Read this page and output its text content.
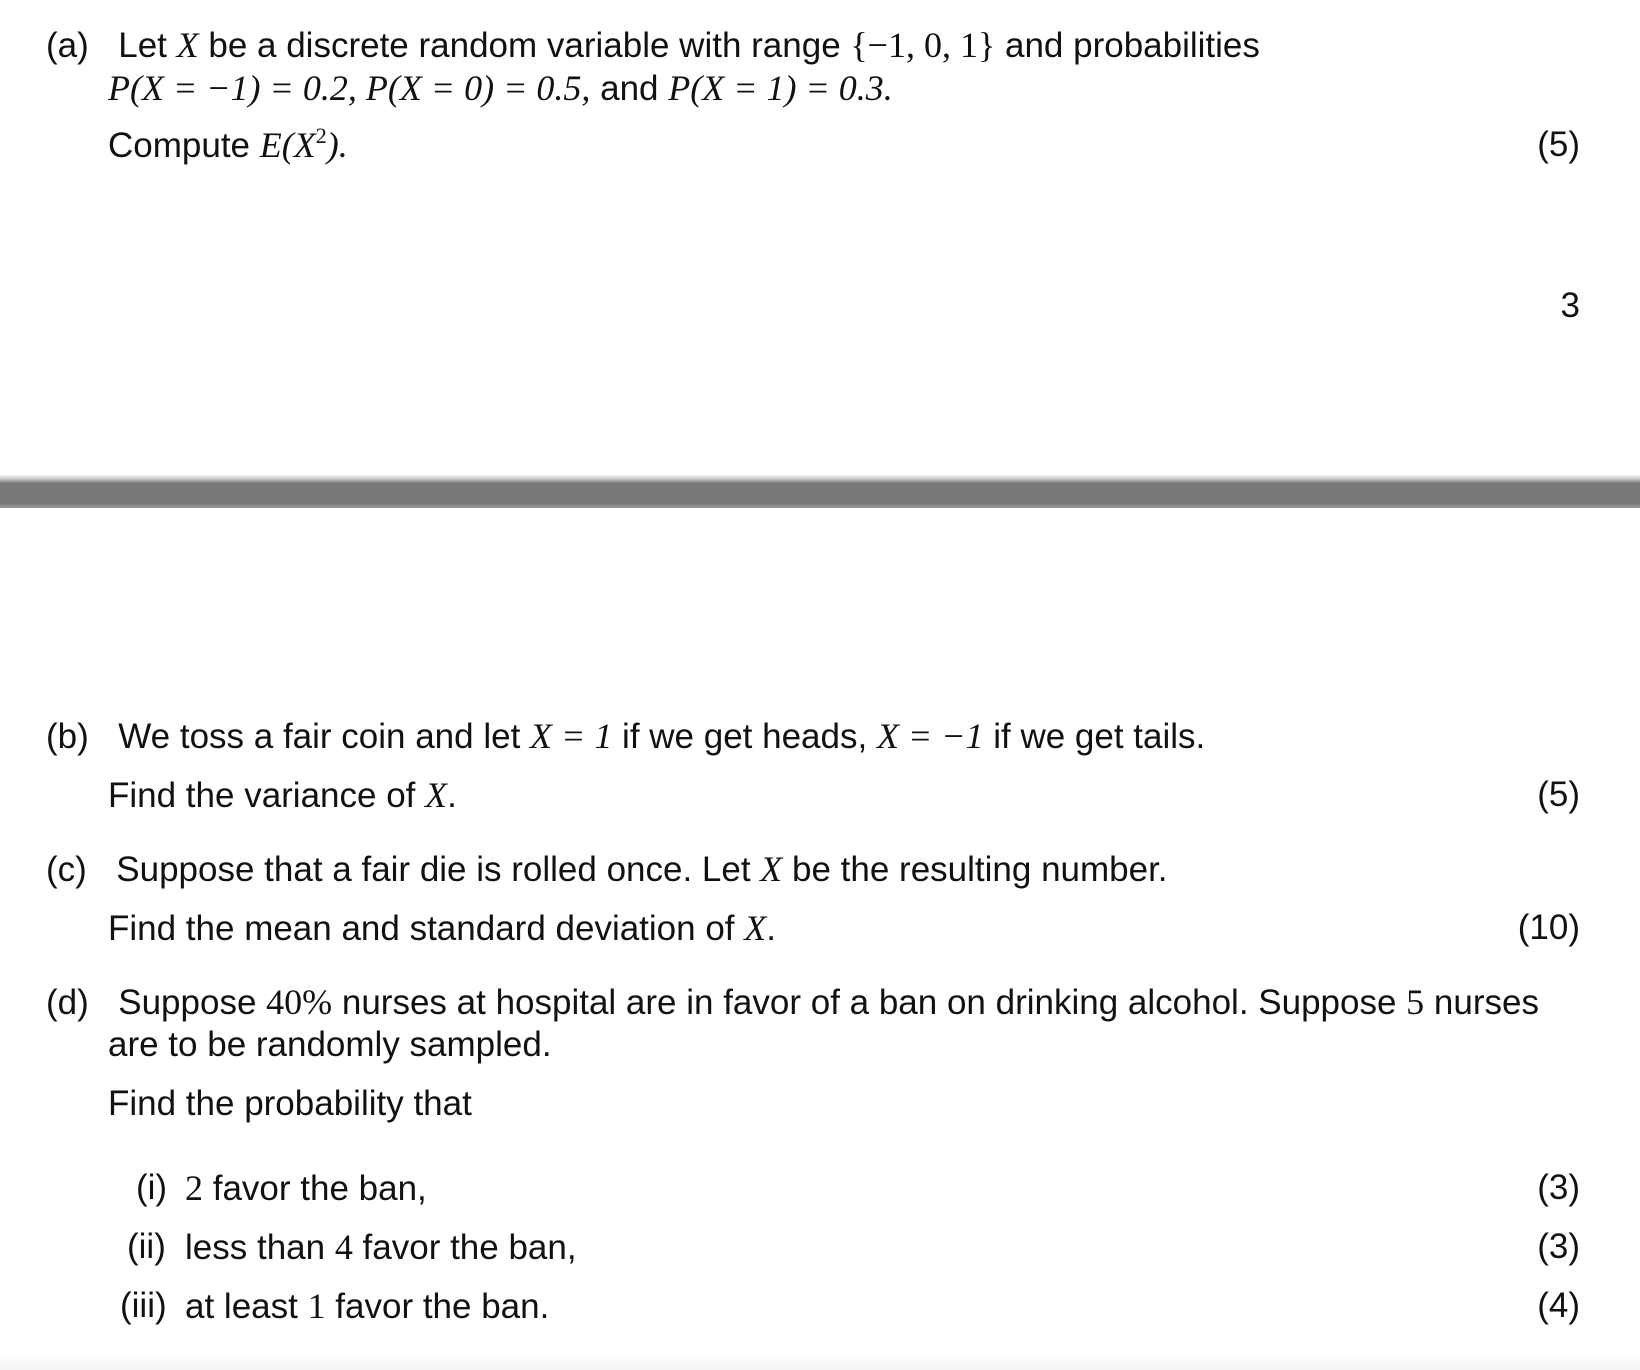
(a) Let X be a discrete random variable with range {−1, 0, 1} and probabilities
P(X = −1) = 0.2, P(X = 0) = 0.5, and P(X = 1) = 0.3.
Compute $E(X^2)$.	(5)
3
(b) We toss a fair coin and let X = 1 if we get heads, X = −1 if we get tails.
Find the variance of X.	(5)
(c) Suppose that a fair die is rolled once. Let X be the resulting number.
Find the mean and standard deviation of X.	(10)
(d) Suppose 40% nurses at hospital are in favor of a ban on drinking alcohol. Suppose 5 nurses
are to be randomly sampled.
Find the probability that
(i) 2 favor the ban,	(3)
(ii) less than 4 favor the ban,	(3)
(iii) at least 1 favor the ban.	(4)
